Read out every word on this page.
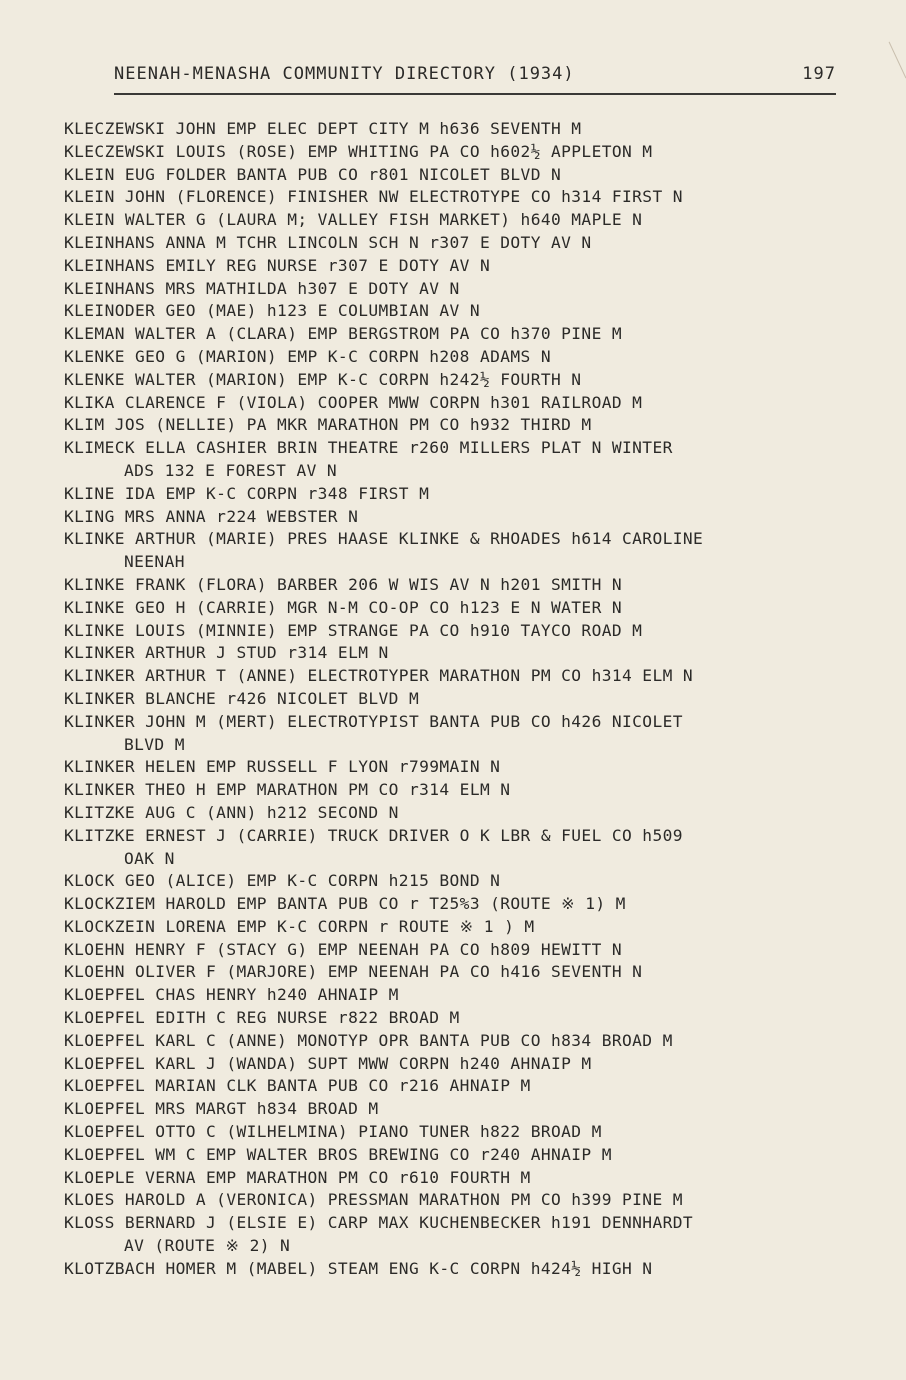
NEENAH-MENASHA COMMUNITY DIRECTORY (1934)	197
KLECZEWSKI JOHN EMP ELEC DEPT CITY M h636 SEVENTH M
KLECZEWSKI LOUIS (ROSE) EMP WHITING PA CO h602½ APPLETON M
KLEIN EUG FOLDER BANTA PUB CO r801 NICOLET BLVD N
KLEIN JOHN (FLORENCE) FINISHER NW ELECTROTYPE CO h314 FIRST N
KLEIN WALTER G (LAURA M; VALLEY FISH MARKET) h640 MAPLE N
KLEINHANS ANNA M TCHR LINCOLN SCH N r307 E DOTY AV N
KLEINHANS EMILY REG NURSE r307 E DOTY AV N
KLEINHANS MRS MATHILDA h307 E DOTY AV N
KLEINODER GEO (MAE) h123 E COLUMBIAN AV N
KLEMAN WALTER A (CLARA) EMP BERGSTROM PA CO h370 PINE M
KLENKE GEO G (MARION) EMP K-C CORPN h208 ADAMS N
KLENKE WALTER (MARION) EMP K-C CORPN h242½ FOURTH N
KLIKA CLARENCE F (VIOLA) COOPER MWW CORPN h301 RAILROAD M
KLIM JOS (NELLIE) PA MKR MARATHON PM CO h932 THIRD M
KLIMECK ELLA CASHIER BRIN THEATRE r260 MILLERS PLAT N WINTER
ADS 132 E FOREST AV N
KLINE IDA EMP K-C CORPN r348 FIRST M
KLING MRS ANNA r224 WEBSTER N
KLINKE ARTHUR (MARIE) PRES HAASE KLINKE & RHOADES h614 CAROLINE
NEENAH
KLINKE FRANK (FLORA) BARBER 206 W WIS AV N h201 SMITH N
KLINKE GEO H (CARRIE) MGR N-M CO-OP CO h123 E N WATER N
KLINKE LOUIS (MINNIE) EMP STRANGE PA CO h910 TAYCO ROAD M
KLINKER ARTHUR J STUD r314 ELM N
KLINKER ARTHUR T (ANNE) ELECTROTYPER MARATHON PM CO h314 ELM N
KLINKER BLANCHE r426 NICOLET BLVD M
KLINKER JOHN M (MERT) ELECTROTYPIST BANTA PUB CO h426 NICOLET
BLVD M
KLINKER HELEN EMP RUSSELL F LYON r799MAIN N
KLINKER THEO H EMP MARATHON PM CO r314 ELM N
KLITZKE AUG C (ANN) h212 SECOND N
KLITZKE ERNEST J (CARRIE) TRUCK DRIVER O K LBR & FUEL CO h509
OAK N
KLOCK GEO (ALICE) EMP K-C CORPN h215 BOND N
KLOCKZIEM HAROLD EMP BANTA PUB CO r T25%3 (ROUTE ※ 1) M
KLOCKZEIN LORENA EMP K-C CORPN r ROUTE ※ 1 ) M
KLOEHN HENRY F (STACY G) EMP NEENAH PA CO h809 HEWITT N
KLOEHN OLIVER F (MARJORE) EMP NEENAH PA CO h416 SEVENTH N
KLOEPFEL CHAS HENRY h240 AHNAIP M
KLOEPFEL EDITH C REG NURSE r822 BROAD M
KLOEPFEL KARL C (ANNE) MONOTYP OPR BANTA PUB CO h834 BROAD M
KLOEPFEL KARL J (WANDA) SUPT MWW CORPN h240 AHNAIP M
KLOEPFEL MARIAN CLK BANTA PUB CO r216 AHNAIP M
KLOEPFEL MRS MARGT h834 BROAD M
KLOEPFEL OTTO C (WILHELMINA) PIANO TUNER h822 BROAD M
KLOEPFEL WM C EMP WALTER BROS BREWING CO r240 AHNAIP M
KLOEPLE VERNA EMP MARATHON PM CO r610 FOURTH M
KLOES HAROLD A (VERONICA) PRESSMAN MARATHON PM CO h399 PINE M
KLOSS BERNARD J (ELSIE E) CARP MAX KUCHENBECKER h191 DENNHARDT
AV (ROUTE ※ 2) N
KLOTZBACH HOMER M (MABEL) STEAM ENG K-C CORPN h424½ HIGH N
